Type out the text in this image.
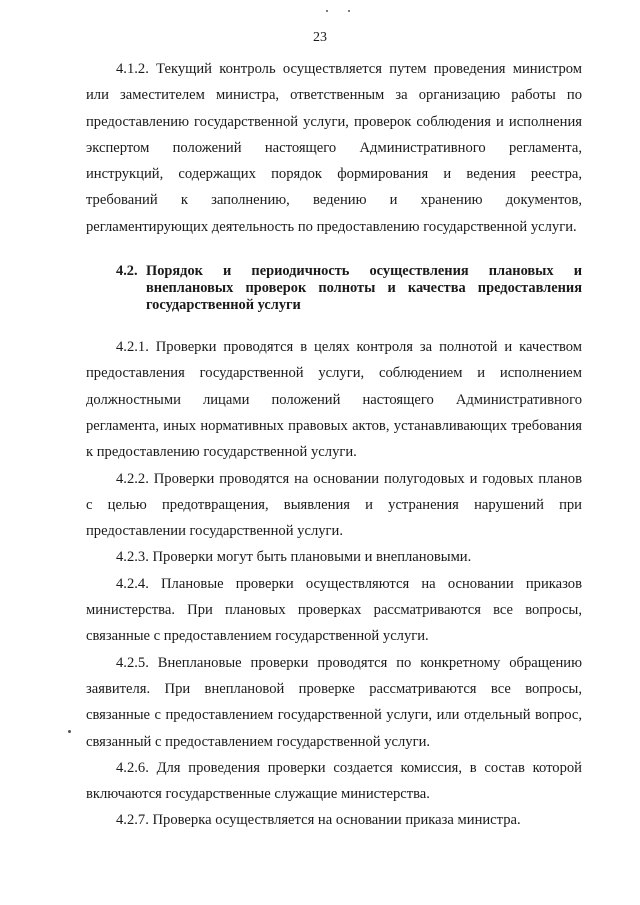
23

4.1.2. Текущий контроль осуществляется путем проведения министром или заместителем министра, ответственным за организацию работы по предоставлению государственной услуги, проверок соблюдения и исполнения экспертом положений настоящего Административного регламента, инструкций, содержащих порядок формирования и ведения реестра, требований к заполнению, ведению и хранению документов, регламентирующих деятельность по предоставлению государственной услуги.

4.2. Порядок и периодичность осуществления плановых и внеплановых проверок полноты и качества предоставления государственной услуги

4.2.1. Проверки проводятся в целях контроля за полнотой и качеством предоставления государственной услуги, соблюдением и исполнением должностными лицами положений настоящего Административного регламента, иных нормативных правовых актов, устанавливающих требования к предоставлению государственной услуги.

4.2.2. Проверки проводятся на основании полугодовых и годовых планов с целью предотвращения, выявления и устранения нарушений при предоставлении государственной услуги.

4.2.3. Проверки могут быть плановыми и внеплановыми.

4.2.4. Плановые проверки осуществляются на основании приказов министерства. При плановых проверках рассматриваются все вопросы, связанные с предоставлением государственной услуги.

4.2.5. Внеплановые проверки проводятся по конкретному обращению заявителя. При внеплановой проверке рассматриваются все вопросы, связанные с предоставлением государственной услуги, или отдельный вопрос, связанный с предоставлением государственной услуги.

4.2.6. Для проведения проверки создается комиссия, в состав которой включаются государственные служащие министерства.

4.2.7. Проверка осуществляется на основании приказа министра.
